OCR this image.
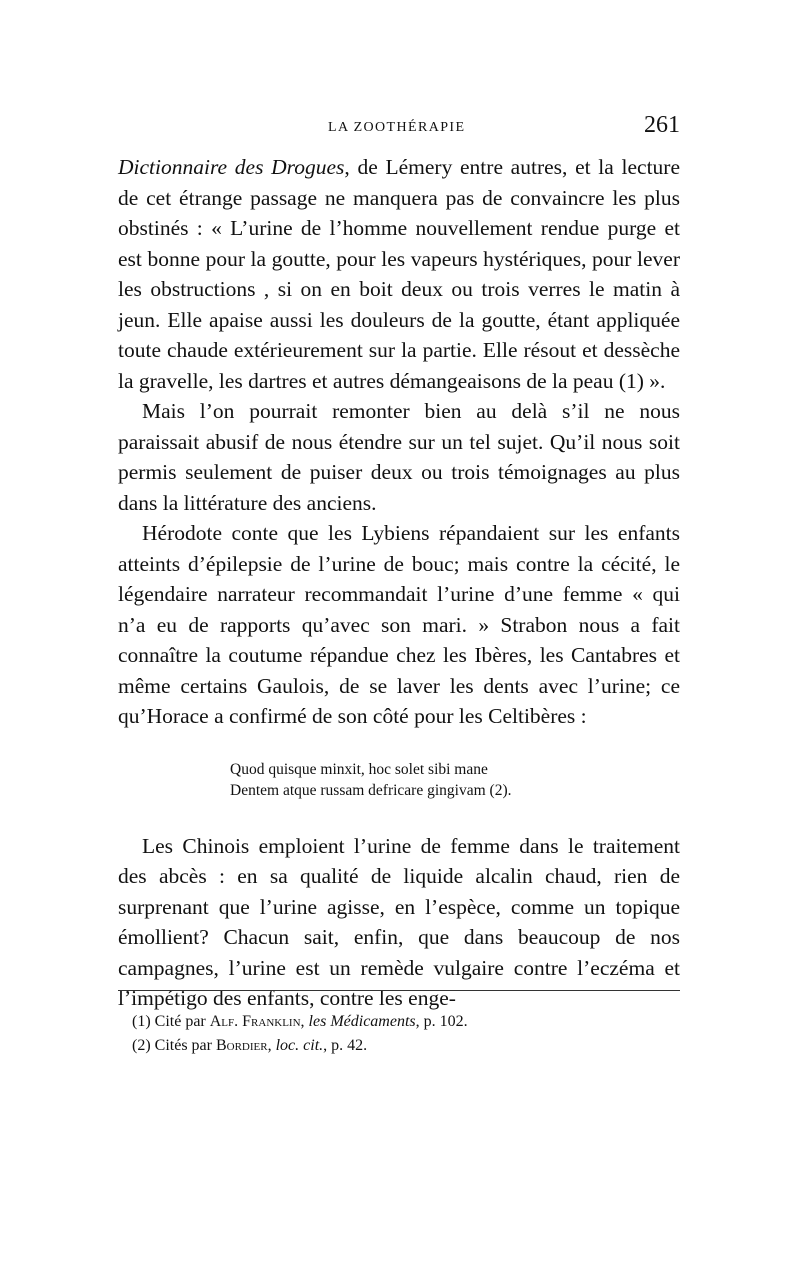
LA ZOOTHÉRAPIE	261

Dictionnaire des Drogues, de Lémery entre autres, et la lecture de cet étrange passage ne manquera pas de convaincre les plus obstinés : « L’urine de l’homme nouvellement rendue purge et est bonne pour la goutte, pour les vapeurs hystériques, pour lever les obstructions , si on en boit deux ou trois verres le matin à jeun. Elle apaise aussi les douleurs de la goutte, étant appliquée toute chaude extérieurement sur la partie. Elle résout et dessèche la gravelle, les dartres et autres démangeaisons de la peau (1) ».

Mais l’on pourrait remonter bien au delà s’il ne nous paraissait abusif de nous étendre sur un tel sujet. Qu’il nous soit permis seulement de puiser deux ou trois témoignages au plus dans la littérature des anciens.

Hérodote conte que les Lybiens répandaient sur les enfants atteints d’épilepsie de l’urine de bouc; mais contre la cécité, le légendaire narrateur recommandait l’urine d’une femme « qui n’a eu de rapports qu’avec son mari. » Strabon nous a fait connaître la coutume répandue chez les Ibères, les Cantabres et même certains Gaulois, de se laver les dents avec l’urine; ce qu’Horace a confirmé de son côté pour les Celtibères :

Quod quisque minxit, hoc solet sibi mane
Dentem atque russam defricare gingivam (2).

Les Chinois emploient l’urine de femme dans le traitement des abcès : en sa qualité de liquide alcalin chaud, rien de surprenant que l’urine agisse, en l’espèce, comme un topique émollient? Chacun sait, enfin, que dans beaucoup de nos campagnes, l’urine est un remède vulgaire contre l’eczéma et l’impétigo des enfants, contre les enge-

(1) Cité par Alf. Franklin, les Médicaments, p. 102.
(2) Cités par Bordier, loc. cit., p. 42.
